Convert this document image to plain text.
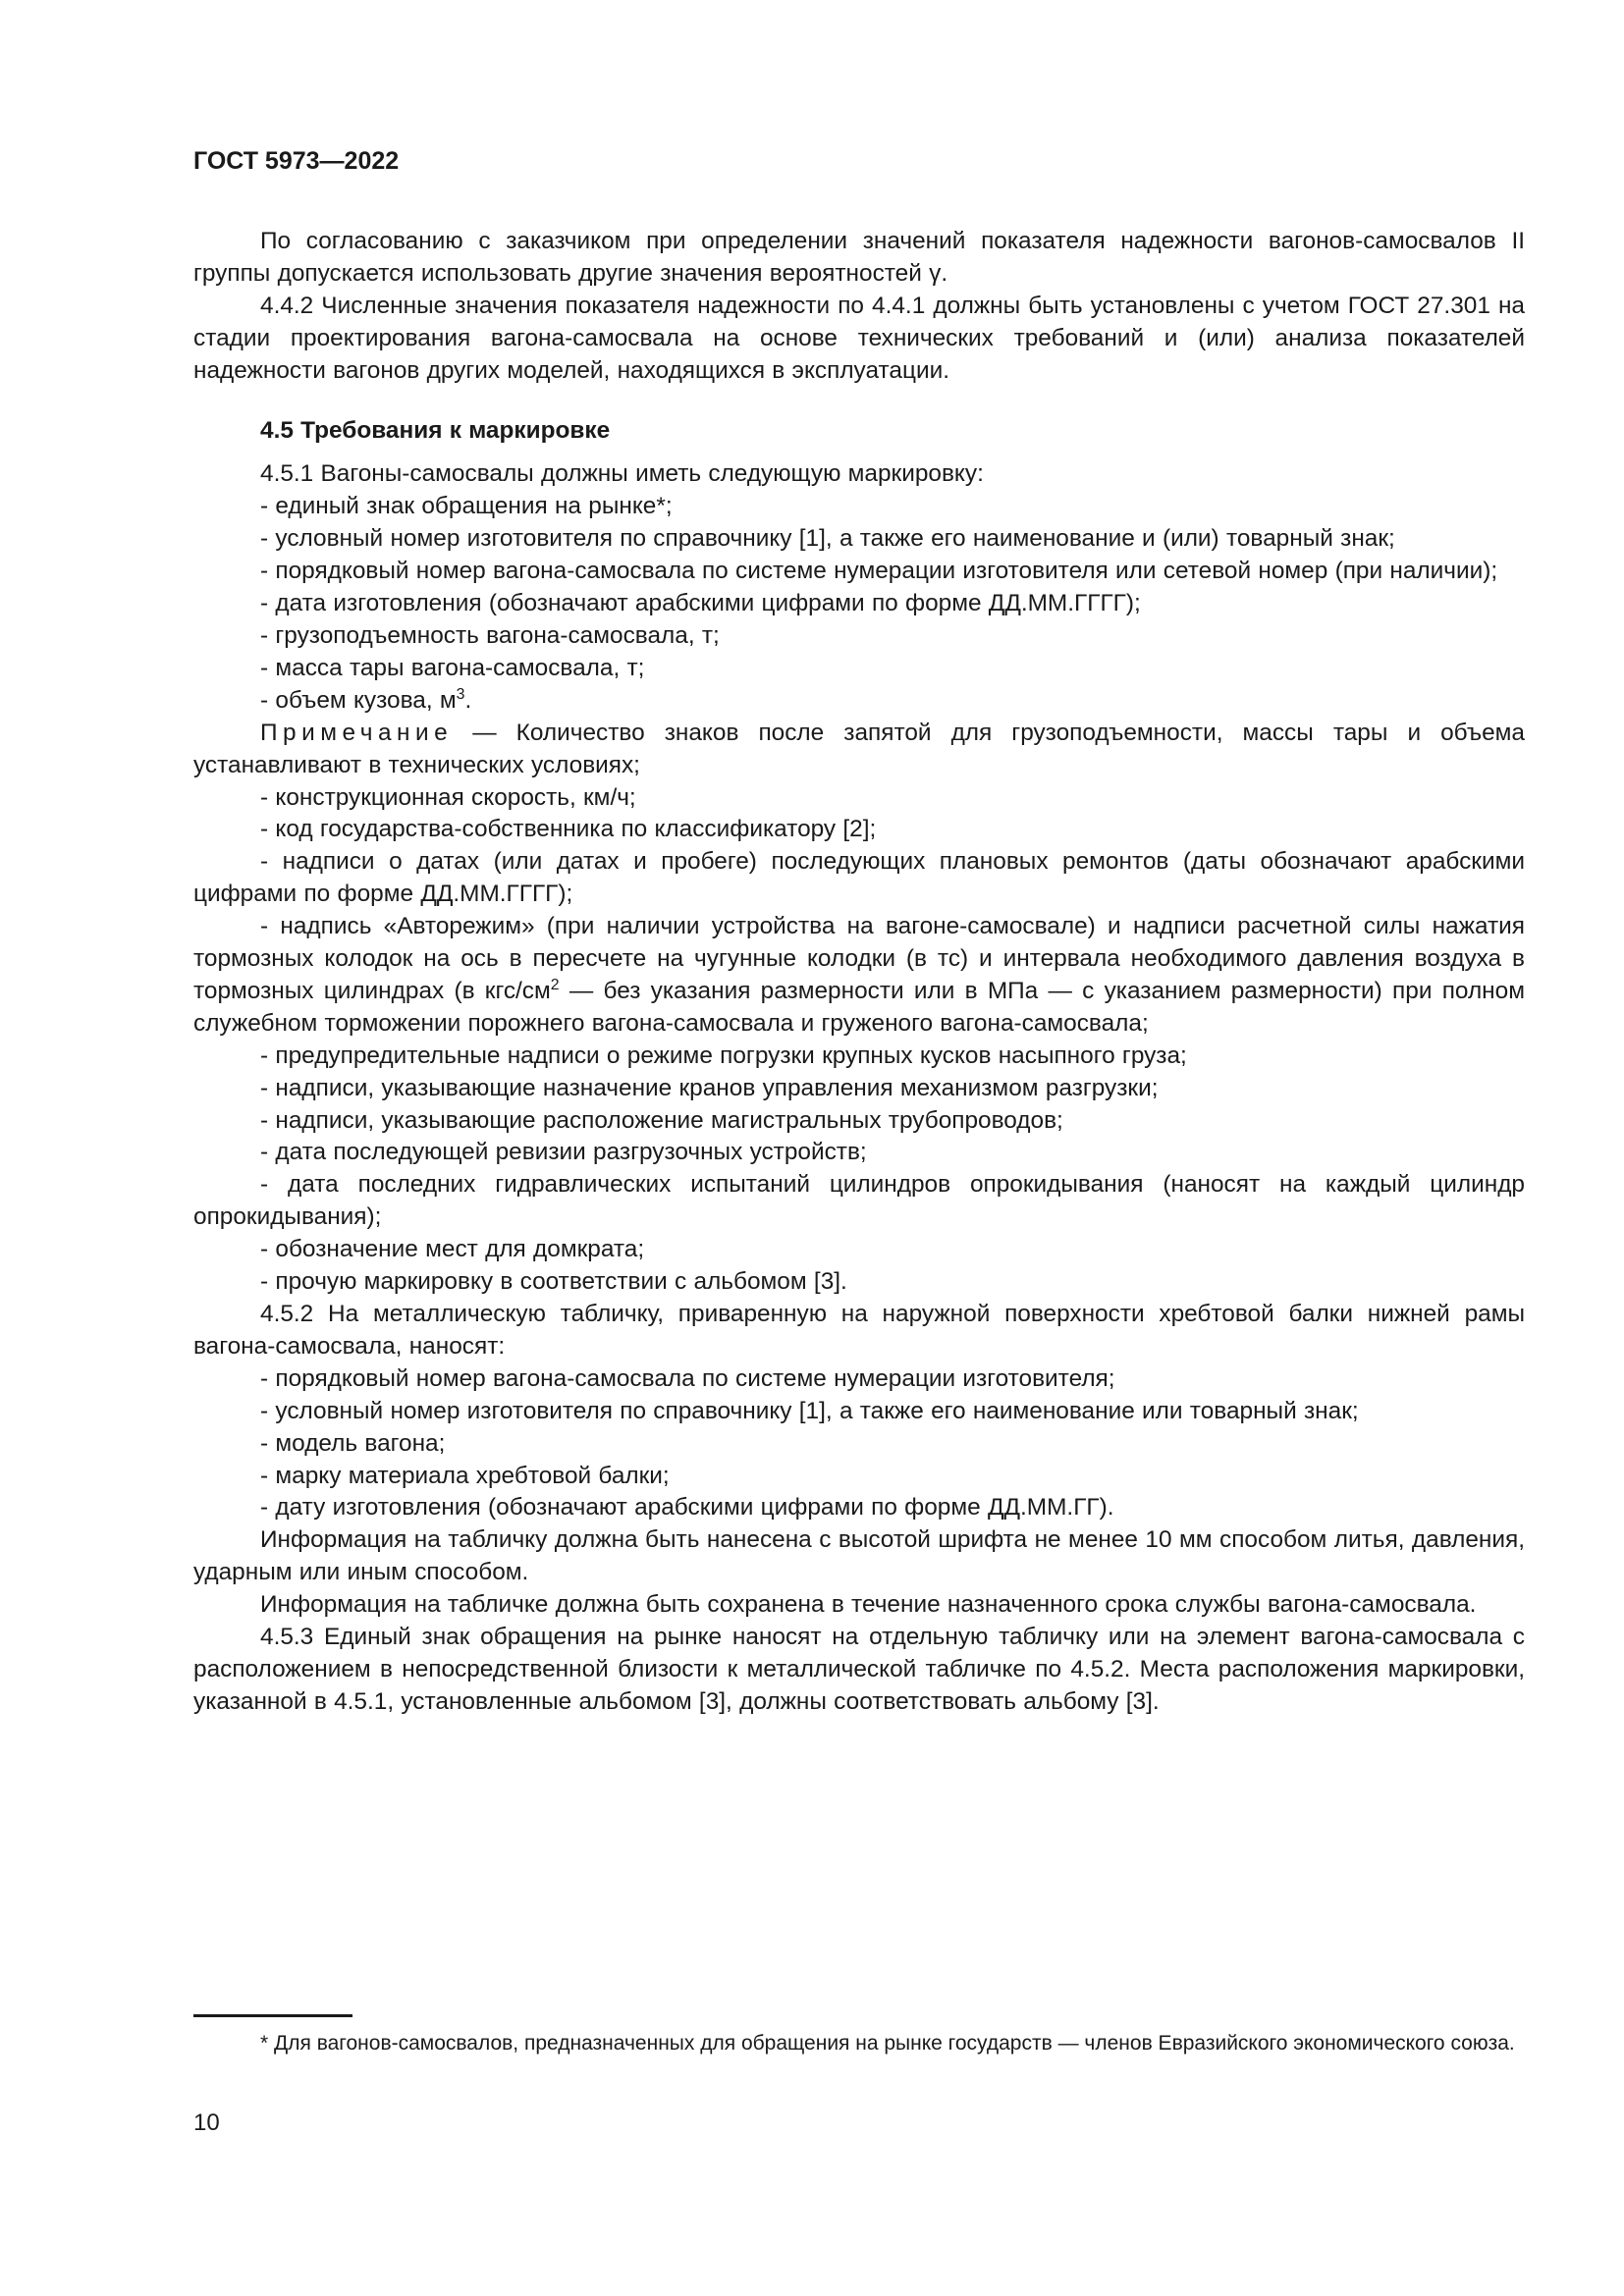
ГОСТ 5973—2022

По согласованию с заказчиком при определении значений показателя надежности вагонов-самосвалов II группы допускается использовать другие значения вероятностей γ.

4.4.2 Численные значения показателя надежности по 4.4.1 должны быть установлены с учетом ГОСТ 27.301 на стадии проектирования вагона-самосвала на основе технических требований и (или) анализа показателей надежности вагонов других моделей, находящихся в эксплуатации.

4.5 Требования к маркировке

4.5.1 Вагоны-самосвалы должны иметь следующую маркировку:

- единый знак обращения на рынке*;

- условный номер изготовителя по справочнику [1], а также его наименование и (или) товарный знак;

- порядковый номер вагона-самосвала по системе нумерации изготовителя или сетевой номер (при наличии);

- дата изготовления (обозначают арабскими цифрами по форме ДД.ММ.ГГГГ);

- грузоподъемность вагона-самосвала, т;

- масса тары вагона-самосвала, т;

- объем кузова, $м^3$.

Примечание — Количество знаков после запятой для грузоподъемности, массы тары и объема устанавливают в технических условиях;

- конструкционная скорость, км/ч;

- код государства-собственника по классификатору [2];

- надписи о датах (или датах и пробеге) последующих плановых ремонтов (даты обозначают арабскими цифрами по форме ДД.ММ.ГГГГ);

- надпись «Авторежим» (при наличии устройства на вагоне-самосвале) и надписи расчетной силы нажатия тормозных колодок на ось в пересчете на чугунные колодки (в тс) и интервала необходимого давления воздуха в тормозных цилиндрах (в кгс/$см^2$ — без указания размерности или в МПа — с указанием размерности) при полном служебном торможении порожнего вагона-самосвала и груженого вагона-самосвала;

- предупредительные надписи о режиме погрузки крупных кусков насыпного груза;

- надписи, указывающие назначение кранов управления механизмом разгрузки;

- надписи, указывающие расположение магистральных трубопроводов;

- дата последующей ревизии разгрузочных устройств;

- дата последних гидравлических испытаний цилиндров опрокидывания (наносят на каждый цилиндр опрокидывания);

- обозначение мест для домкрата;

- прочую маркировку в соответствии с альбомом [3].

4.5.2 На металлическую табличку, приваренную на наружной поверхности хребтовой балки нижней рамы вагона-самосвала, наносят:

- порядковый номер вагона-самосвала по системе нумерации изготовителя;

- условный номер изготовителя по справочнику [1], а также его наименование или товарный знак;

- модель вагона;

- марку материала хребтовой балки;

- дату изготовления (обозначают арабскими цифрами по форме ДД.ММ.ГГ).

Информация на табличку должна быть нанесена с высотой шрифта не менее 10 мм способом литья, давления, ударным или иным способом.

Информация на табличке должна быть сохранена в течение назначенного срока службы вагона-самосвала.

4.5.3 Единый знак обращения на рынке наносят на отдельную табличку или на элемент вагона-самосвала с расположением в непосредственной близости к металлической табличке по 4.5.2. Места расположения маркировки, указанной в 4.5.1, установленные альбомом [3], должны соответствовать альбому [3].

* Для вагонов-самосвалов, предназначенных для обращения на рынке государств — членов Евразийского экономического союза.

10
